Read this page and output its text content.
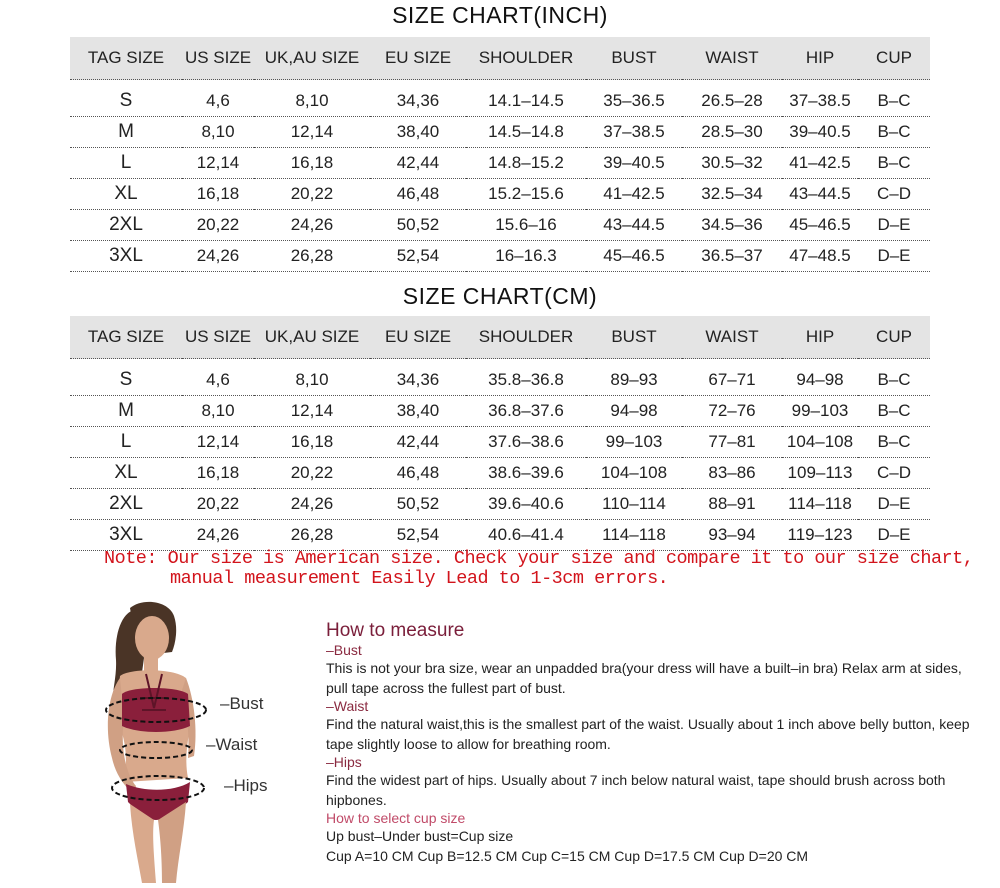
SIZE CHART(INCH)
TAG SIZE	US SIZE	UK,AU SIZE	EU SIZE	SHOULDER	BUST	WAIST	HIP	CUP
S	4,6	8,10	34,36	14.1–14.5	35–36.5	26.5–28	37–38.5	B–C
M	8,10	12,14	38,40	14.5–14.8	37–38.5	28.5–30	39–40.5	B–C
L	12,14	16,18	42,44	14.8–15.2	39–40.5	30.5–32	41–42.5	B–C
XL	16,18	20,22	46,48	15.2–15.6	41–42.5	32.5–34	43–44.5	C–D
2XL	20,22	24,26	50,52	15.6–16	43–44.5	34.5–36	45–46.5	D–E
3XL	24,26	26,28	52,54	16–16.3	45–46.5	36.5–37	47–48.5	D–E
SIZE CHART(CM)
TAG SIZE	US SIZE	UK,AU SIZE	EU SIZE	SHOULDER	BUST	WAIST	HIP	CUP
S	4,6	8,10	34,36	35.8–36.8	89–93	67–71	94–98	B–C
M	8,10	12,14	38,40	36.8–37.6	94–98	72–76	99–103	B–C
L	12,14	16,18	42,44	37.6–38.6	99–103	77–81	104–108	B–C
XL	16,18	20,22	46,48	38.6–39.6	104–108	83–86	109–113	C–D
2XL	20,22	24,26	50,52	39.6–40.6	110–114	88–91	114–118	D–E
3XL	24,26	26,28	52,54	40.6–41.4	114–118	93–94	119–123	D–E
Note: Our size is American size. Check your size and compare it to our size chart,
manual measurement Easily Lead to 1-3cm errors.
–Bust
–Waist
–Hips
How to measure
–Bust
This is not your bra size, wear an unpadded bra(your dress will have a built–in bra) Relax arm at sides, pull tape across the fullest part of bust.
–Waist
Find the natural waist,this is the smallest part of the waist. Usually about 1 inch above belly button, keep tape slightly loose to allow for breathing room.
–Hips
Find the widest part of hips. Usually about 7 inch below natural waist, tape should brush across both hipbones.
How to select cup size
Up bust–Under bust=Cup size
Cup A=10 CM Cup B=12.5 CM Cup C=15 CM Cup D=17.5 CM Cup D=20 CM
